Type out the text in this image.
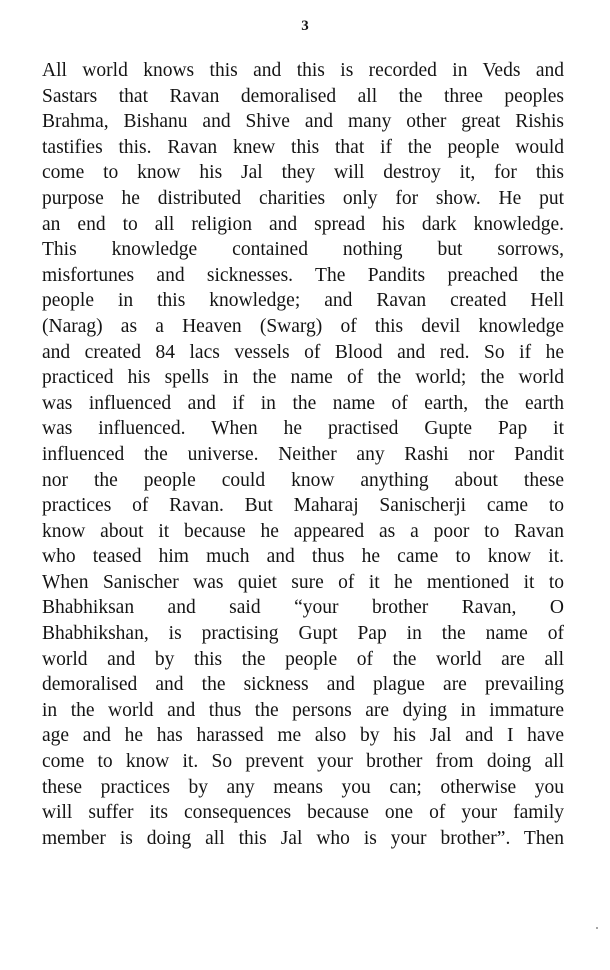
3
All world knows this and this is recorded in Veds and
Sastars that Ravan demoralised all the three peoples
Brahma, Bishanu and Shive and many other great Rishis
tastifies this. Ravan knew this that if the people would
come to know his Jal they will destroy it, for this
purpose he distributed charities only for show. He put
an end to all religion and spread his dark knowledge.
This knowledge contained nothing but sorrows,
misfortunes and sicknesses. The Pandits preached the
people in this knowledge; and Ravan created Hell
(Narag) as a Heaven (Swarg) of this devil knowledge
and created 84 lacs vessels of Blood and red. So if he
practiced his spells in the name of the world; the world
was influenced and if in the name of earth, the earth
was influenced. When he practised Gupte Pap it
influenced the universe. Neither any Rashi nor Pandit
nor the people could know anything about these
practices of Ravan. But Maharaj Sanischerji came to
know about it because he appeared as a poor to Ravan
who teased him much and thus he came to know it.
When Sanischer was quiet sure of it he mentioned it to
Bhabhiksan and said “your brother Ravan, O
Bhabhikshan, is practising Gupt Pap in the name of
world and by this the people of the world are all
demoralised and the sickness and plague are prevailing
in the world and thus the persons are dying in immature
age and he has harassed me also by his Jal and I have
come to know it. So prevent your brother from doing all
these practices by any means you can; otherwise you
will suffer its consequences because one of your family
member is doing all this Jal who is your brother”. Then
